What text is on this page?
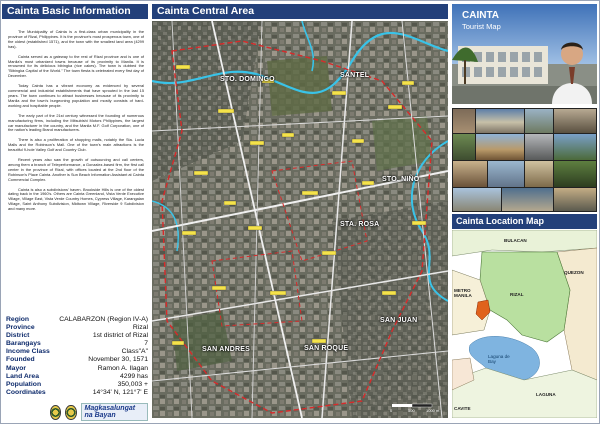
Cainta Basic Information

The Municipality of Cainta is a first-class urban municipality in the province of Rizal, Philippines. It is the province's most prosperous town, one of the oldest (established 1571), and the town with the smallest land area (4299 has).

Cainta served as a gateway to the rest of Rizal province and is one of Manila's most urbanized towns because of its proximity to Manila. It is renowned for its delicious bibingka (rice cakes). The town is dubbed the "Bibingka Capital of the World." The town fiesta is celebrated every first day of December.

Today Cainta has a vibrant economy as evidenced by several commercial and industrial establishments that have sprouted in the last 15 years. The town continues to attract businesses because of its proximity to Manila and the town's burgeoning population and mostly consists of hard-working and hospitable people.

The early part of the 21st century witnessed the founding of numerous manufacturing firms, including the Mitsubishi Motors Philippines, the largest car manufacturer in the country, and the Manila M.F. Golf Corporation, one of the nation's leading Brand manufacturers.

There is also a proliferation of shopping malls, notably the Sta. Lucia Malls and the Robinson's Mall. One of the town's main attractions is the beautiful 9-hole Valley Golf and Country Club.

Recent years also saw the growth of outsourcing and call centers, among them a branch of Teleperformance, a Gonzalez-based firm, the first call center in the province of Rizal, with offices located at the 2nd floor of the Robinson's Place Cainta. Another is Sun Beach Information Assistant at Cainta Commercial Complex.

Cainta is also a subdivisions' haven. Brookside Hills is one of the oldest dating back in the 1960's. Others are Cainta Greenland, Vista Verde Executive Village, Village East, Vista Verde Country Homes, Cypress Village, Karangalan Village, Saint Anthony Subdivision, Midtown Village, Riverside 9 Subdivision and many more.

Region	CALABARZON (Region IV-A)
Province	Rizal
District	1st district of Rizal
Barangays	7
Income Class	Class"A"
Founded	November 30, 1571
Mayor	Ramon A. Ilagan
Land Area	4299 has
Population	350,003 +
Coordinates	14°34' N, 121°7' E
Magkasalungat na Bayan
Cainta Central Area
STO. DOMINGO
SANTEL
STO. NIÑO
STA. ROSA
SAN JUAN
SAN ANDRES	SAN ROQUE
0	500	1000 m
CAINTA
Tourist Map
Cainta Location Map
BULACAN
QUEZON
METRO MANILA	RIZAL
Laguna de Bay
LAGUNA
CAVITE
